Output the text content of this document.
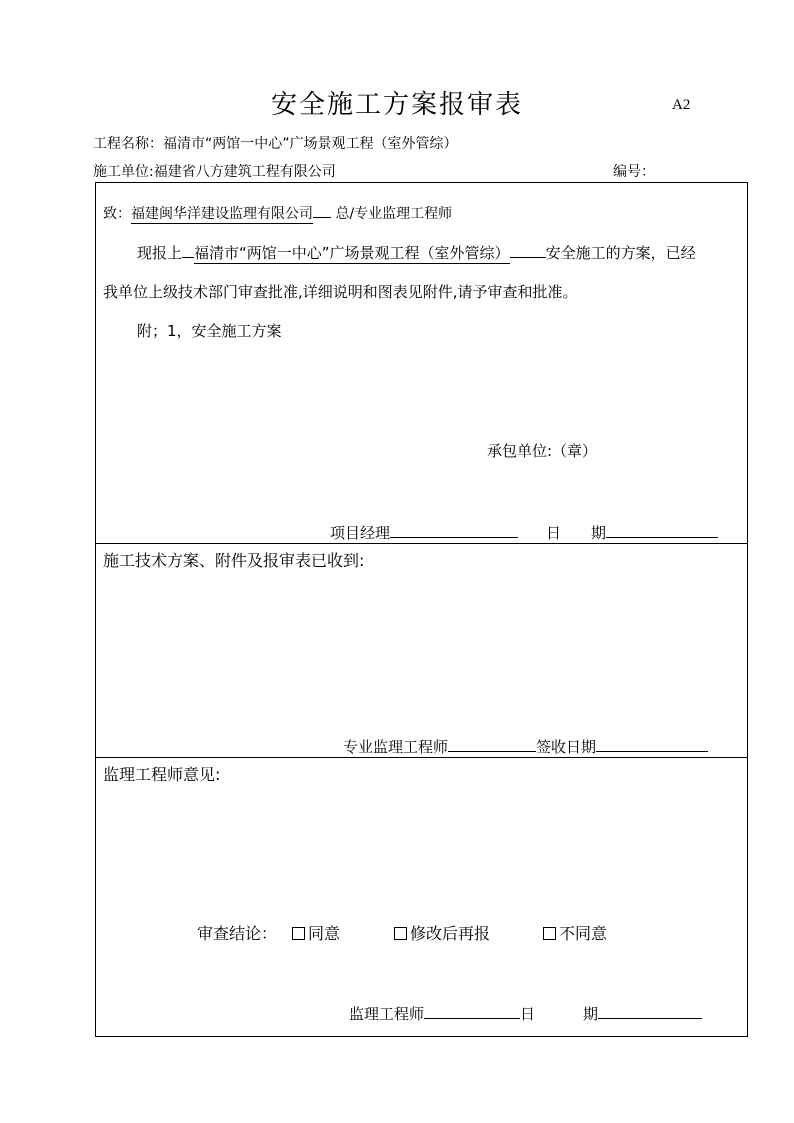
安全施工方案报审表	A2
工程名称：福清市“两馆一中心”广场景观工程（室外管综）
施工单位:福建省八方建筑工程有限公司	编号：
致：福建闽华洋建设监理有限公司 总/专业监理工程师
现报上 福清市“两馆一中心”广场景观工程（室外管综） 安全施工的方案，已经
我单位上级技术部门审查批准,详细说明和图表见附件,请予审查和批准。
附；1，安全施工方案
承包单位:（章）
项目经理	日　　期
施工技术方案、附件及报审表已收到:
专业监理工程师	签收日期
监理工程师意见:
审查结论：	同意	修改后再报	不同意
监理工程师	日	期
